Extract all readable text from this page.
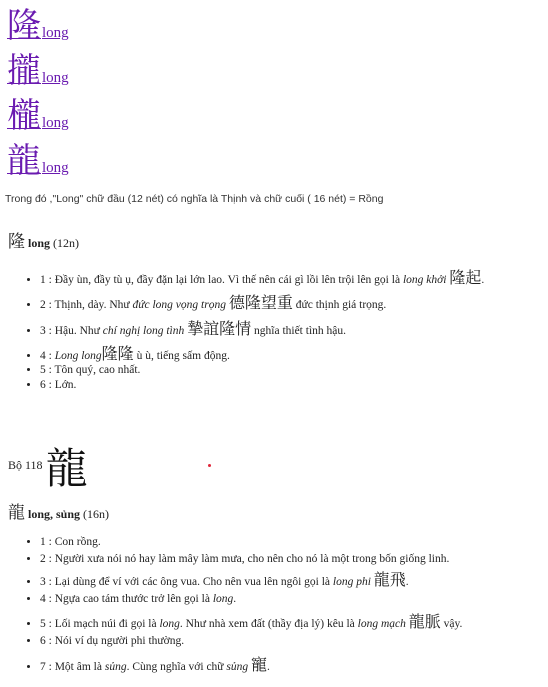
隆long
攏long
櫳long
龍long
Trong đó ,"Long" chữ đầu (12 nét) có nghĩa là Thịnh và chữ cuối ( 16 nét) = Rồng
隆 long (12n)
• 1 : Đầy ùn, đầy tù ụ, đầy đặn lại lớn lao. Vì thế nên cái gì lồi lên trội lên gọi là long khởi 隆起.
• 2 : Thịnh, dày. Như đức long vọng trọng 德隆望重 đức thịnh giá trọng.
• 3 : Hậu. Như chí nghị long tình 摯誼隆情 nghĩa thiết tình hậu.
• 4 : Long long隆隆 ù ù, tiếng sấm động.
• 5 : Tôn quý, cao nhất.
• 6 : Lớn.
Bộ 118 龍
龍 long, sủng (16n)
• 1 : Con rồng.
• 2 : Người xưa nói nó hay làm mây làm mưa, cho nên cho nó là một trong bốn giống linh.
• 3 : Lại dùng để ví với các ông vua. Cho nên vua lên ngôi gọi là long phi 龍飛.
• 4 : Ngựa cao tám thước trở lên gọi là long.
• 5 : Lối mạch núi đi gọi là long. Như nhà xem đất (thầy địa lý) kêu là long mạch 龍脈 vậy.
• 6 : Nói ví dụ người phi thường.
• 7 : Một âm là sủng. Cùng nghĩa với chữ sủng 寵.
